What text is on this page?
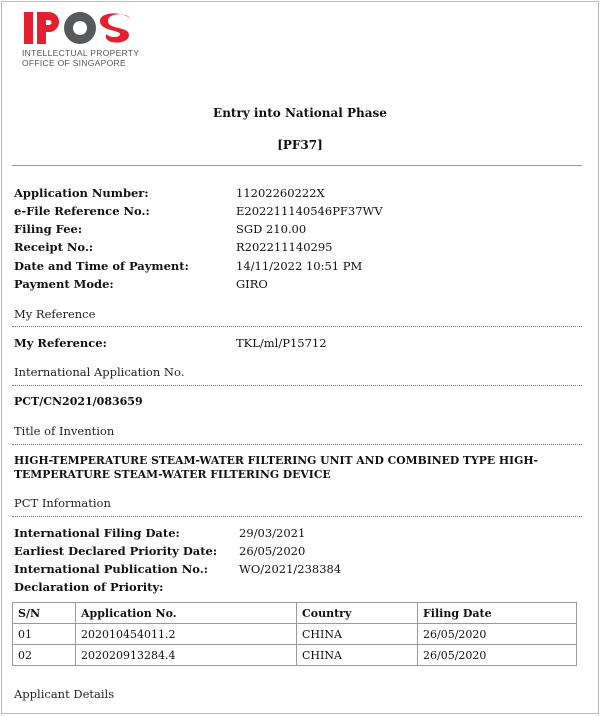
INTELLECTUAL PROPERTY
OFFICE OF SINGAPORE
Entry into National Phase
[PF37]
Application Number:	11202260222X
e-File Reference No.:	E202211140546PF37WV
Filing Fee:	SGD 210.00
Receipt No.:	R202211140295
Date and Time of Payment:	14/11/2022 10:51 PM
Payment Mode:	GIRO
My Reference
My Reference:	TKL/ml/P15712
International Application No.
PCT/CN2021/083659
Title of Invention
HIGH-TEMPERATURE STEAM-WATER FILTERING UNIT AND COMBINED TYPE HIGH-
TEMPERATURE STEAM-WATER FILTERING DEVICE
PCT Information
International Filing Date:	29/03/2021
Earliest Declared Priority Date:	26/05/2020
International Publication No.:	WO/2021/238384
Declaration of Priority:
S/N	Application No.	Country	Filing Date
01	202010454011.2	CHINA	26/05/2020
02	202020913284.4	CHINA	26/05/2020
Applicant Details
